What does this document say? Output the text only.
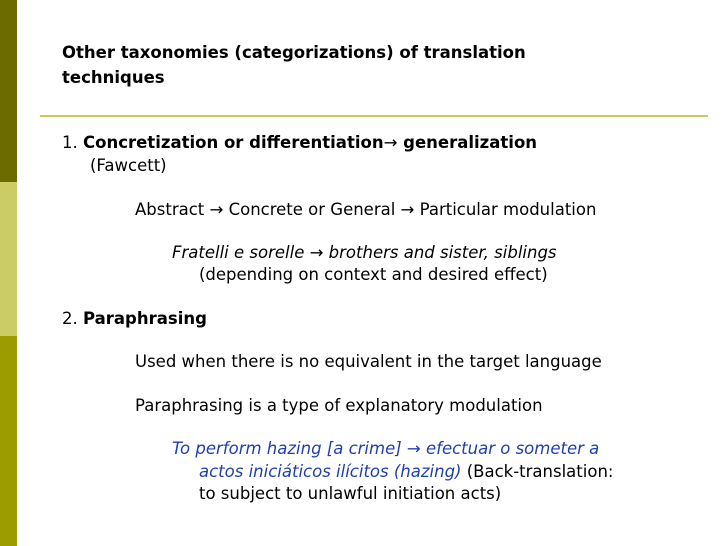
Other taxonomies (categorizations) of translation techniques

1. Concretization or differentiation→ generalization

(Fawcett)

Abstract → Concrete or General → Particular modulation

Fratelli e sorelle → brothers and sister, siblings

(depending on context and desired effect)

2. Paraphrasing

Used when there is no equivalent in the target language

Paraphrasing is a type of explanatory modulation

To perform hazing [a crime] → efectuar o someter a

actos iniciáticos ilícitos (hazing) (Back-translation:

to subject to unlawful initiation acts)
